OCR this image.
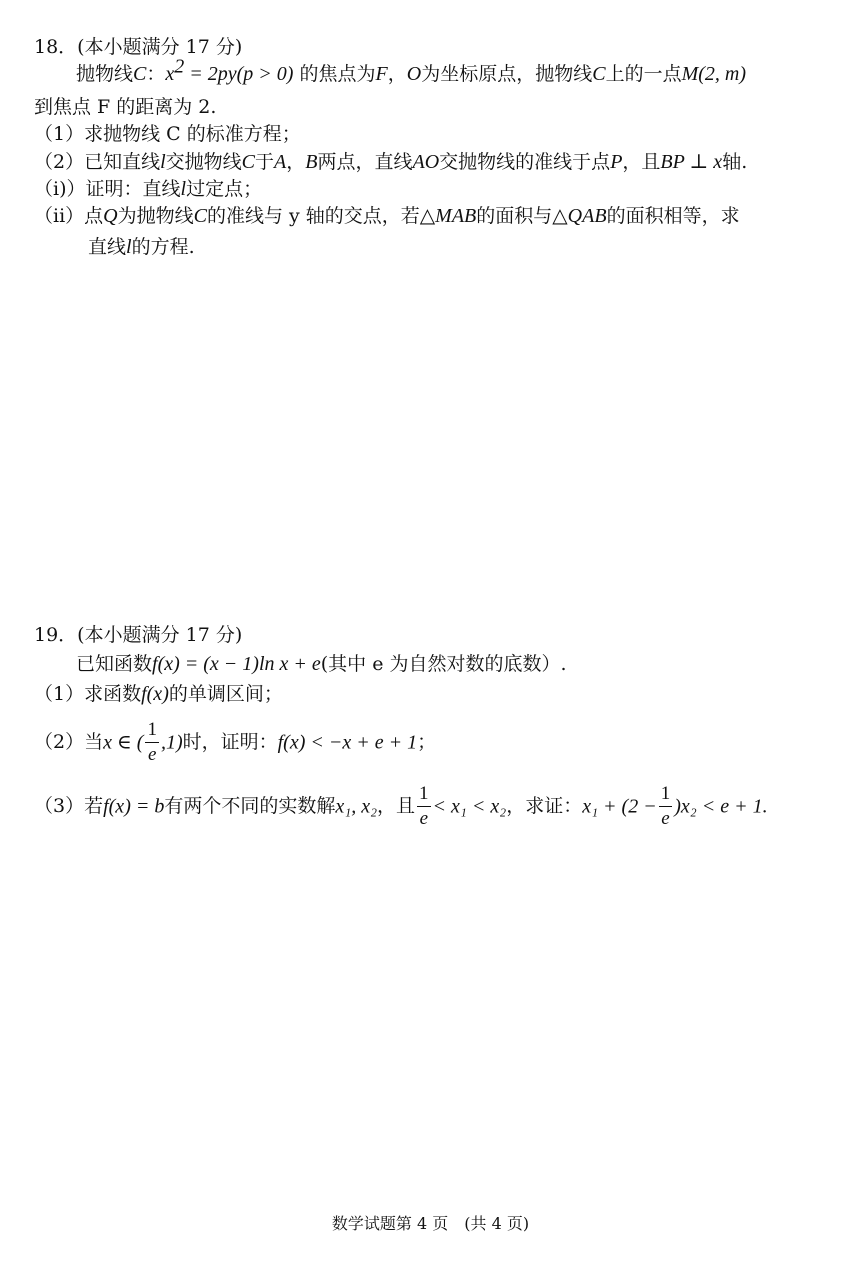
18．(本小题满分 17 分)
抛物线C：$x^2 = 2py(p > 0)$ 的焦点为F，O为坐标原点，抛物线C上的一点M(2, m)
到焦点 F 的距离为 2.
（1）求抛物线 C 的标准方程；
（2）已知直线l交抛物线C于A，B两点，直线AO交抛物线的准线于点P，且BP ⊥ x轴.
（i)）证明：直线l过定点；
（ii）点Q为抛物线C的准线与 y 轴的交点，若△MAB的面积与△QAB的面积相等，求
直线l的方程.
19．(本小题满分 17 分)
已知函数f(x) = (x − 1)ln x + e(其中 e 为自然对数的底数）.
（1）求函数f(x)的单调区间；
（2）当x ∈ ( $\frac{1}{e} ,1$)时，证明：f(x) < −x + e + 1；
（3）若f(x) = b有两个不同的实数解x₁, x₂，且 $\frac{1}{e} < x_1 < x_2$，求证：$x_1 + (2 - \frac{1}{e} )x_2 < e + 1$.
数学试题第 4 页　(共 4 页)
